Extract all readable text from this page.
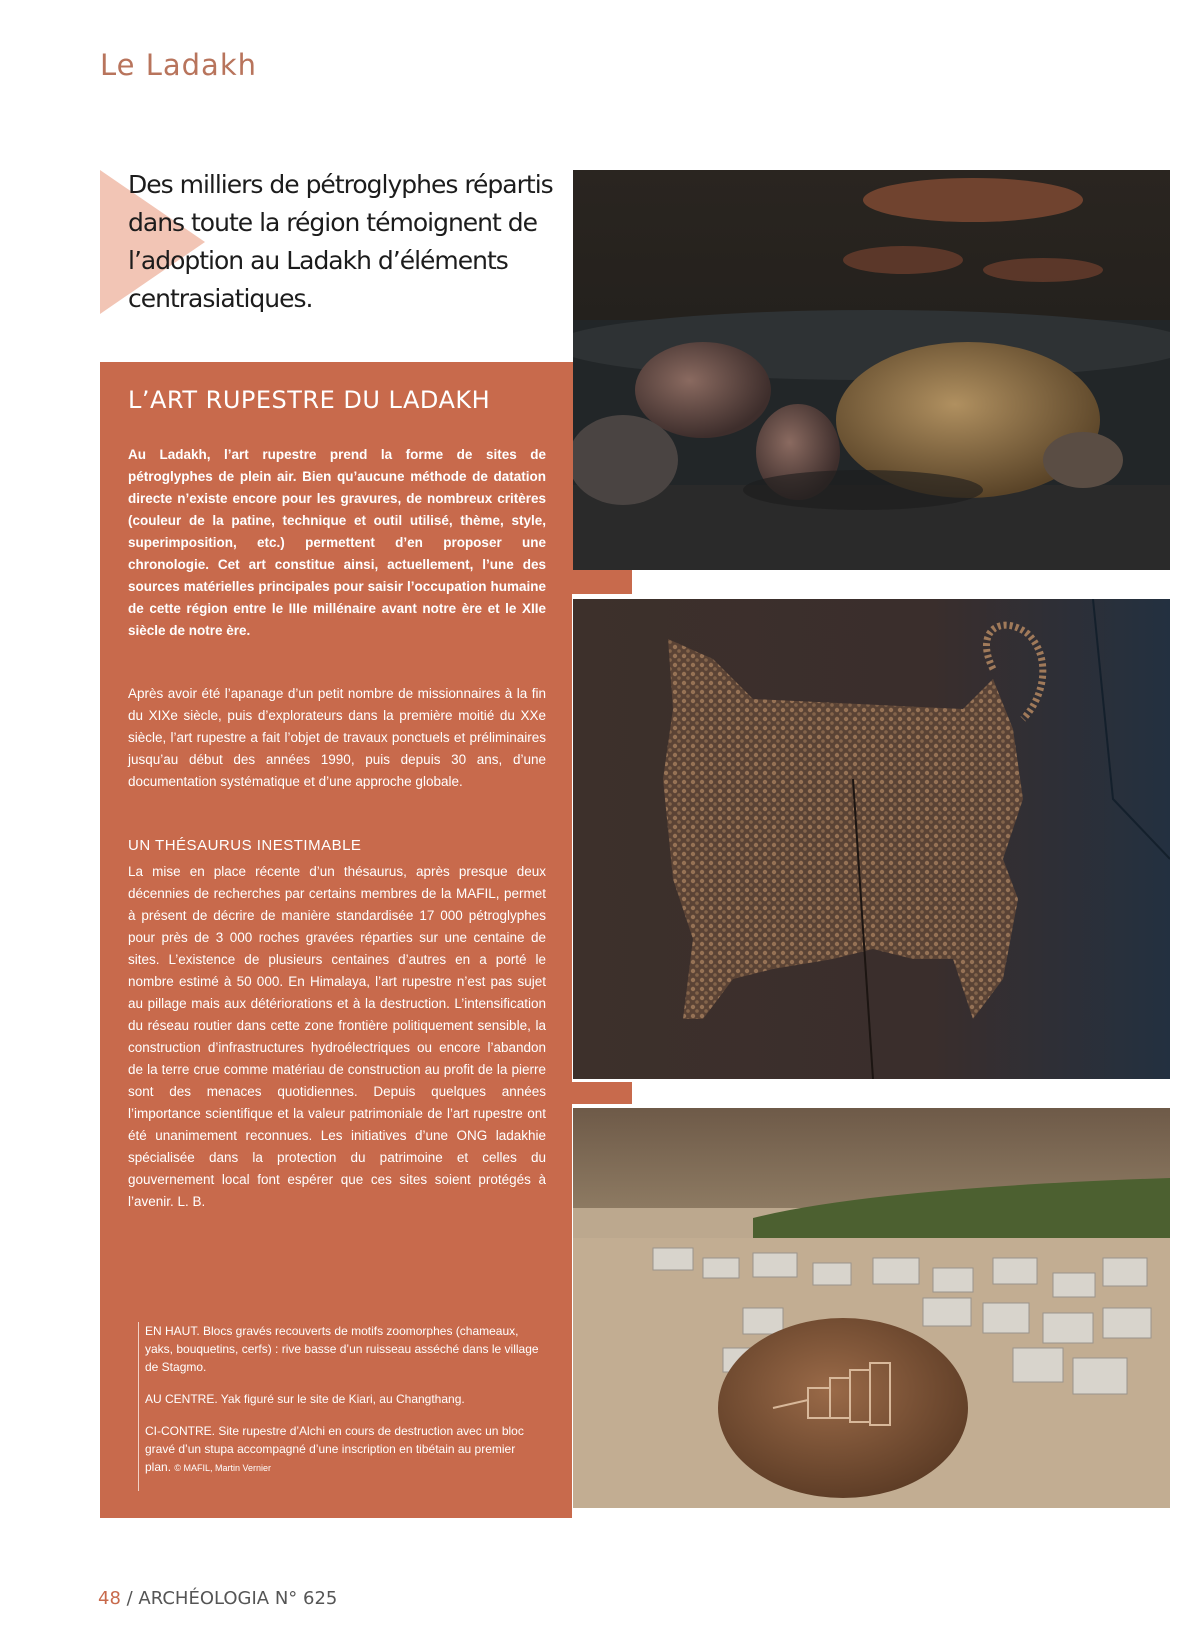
Le Ladakh

Des milliers de pétroglyphes répartis dans toute la région témoignent de l’adoption au Ladakh d’éléments centrasiatiques.

L’ART RUPESTRE DU LADAKH

Au Ladakh, l’art rupestre prend la forme de sites de pétroglyphes de plein air. Bien qu’aucune méthode de datation directe n’existe encore pour les gravures, de nombreux critères (couleur de la patine, technique et outil utilisé, thème, style, superimposition, etc.) permettent d’en proposer une chronologie. Cet art constitue ainsi, actuellement, l’une des sources matérielles principales pour saisir l’occupation humaine de cette région entre le IIIe millénaire avant notre ère et le XIIe siècle de notre ère.

Après avoir été l’apanage d’un petit nombre de missionnaires à la fin du XIXe siècle, puis d’explorateurs dans la première moitié du XXe siècle, l’art rupestre a fait l’objet de travaux ponctuels et préliminaires jusqu’au début des années 1990, puis depuis 30 ans, d’une documentation systématique et d’une approche globale.

UN THÉSAURUS INESTIMABLE

La mise en place récente d’un thésaurus, après presque deux décennies de recherches par certains membres de la MAFIL, permet à présent de décrire de manière standardisée 17 000 pétroglyphes pour près de 3 000 roches gravées réparties sur une centaine de sites. L’existence de plusieurs centaines d’autres en a porté le nombre estimé à 50 000. En Himalaya, l’art rupestre n’est pas sujet au pillage mais aux détériorations et à la destruction. L’intensification du réseau routier dans cette zone frontière politiquement sensible, la construction d’infrastructures hydroélectriques ou encore l’abandon de la terre crue comme matériau de construction au profit de la pierre sont des menaces quotidiennes. Depuis quelques années l’importance scientifique et la valeur patrimoniale de l’art rupestre ont été unanimement reconnues. Les initiatives d’une ONG ladakhie spécialisée dans la protection du patrimoine et celles du gouvernement local font espérer que ces sites soient protégés à l’avenir. L. B.

EN HAUT. Blocs gravés recouverts de motifs zoomorphes (chameaux, yaks, bouquetins, cerfs) : rive basse d’un ruisseau asséché dans le village de Stagmo.

AU CENTRE. Yak figuré sur le site de Kiari, au Changthang.

CI-CONTRE. Site rupestre d’Alchi en cours de destruction avec un bloc gravé d’un stupa accompagné d’une inscription en tibétain au premier plan. © MAFIL, Martin Vernier

48 / ARCHÉOLOGIA N° 625
